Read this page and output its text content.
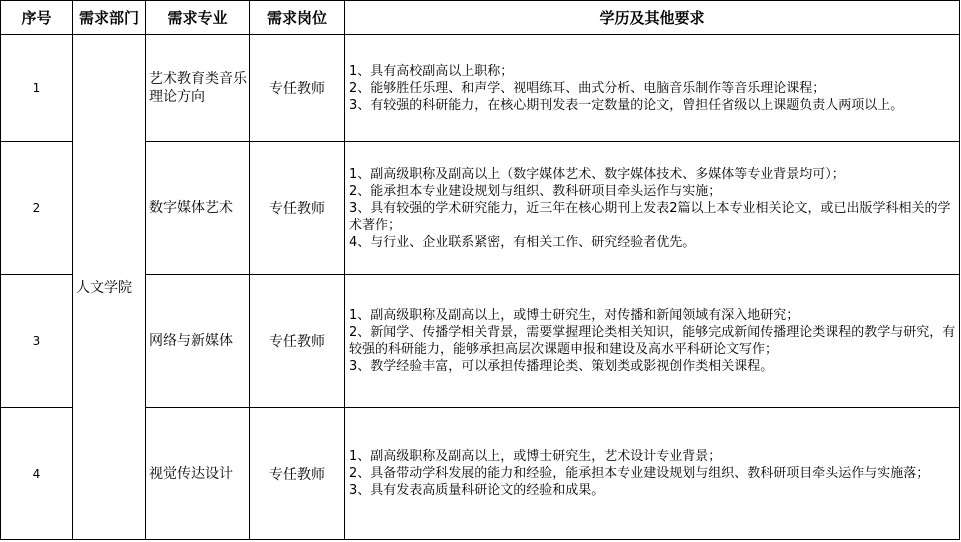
序号	需求部门	需求专业	需求岗位	学历及其他要求
1	人文学院	艺术教育类音乐理论方向	专任教师	1、具有高校副高以上职称；
2、能够胜任乐理、和声学、视唱练耳、曲式分析、电脑音乐制作等音乐理论课程；
3、有较强的科研能力，在核心期刊发表一定数量的论文，曾担任省级以上课题负责人两项以上。

2		数字媒体艺术	专任教师	1、副高级职称及副高以上（数字媒体艺术、数字媒体技术、多媒体等专业背景均可）；
2、能承担本专业建设规划与组织、教科研项目牵头运作与实施；
3、具有较强的学术研究能力，近三年在核心期刊上发表2篇以上本专业相关论文，或已出版学科相关的学术著作；
4、与行业、企业联系紧密，有相关工作、研究经验者优先。

3		网络与新媒体	专任教师	1、副高级职称及副高以上，或博士研究生，对传播和新闻领域有深入地研究；
2、新闻学、传播学相关背景，需要掌握理论类相关知识，能够完成新闻传播理论类课程的教学与研究，有较强的科研能力，能够承担高层次课题申报和建设及高水平科研论文写作；
3、教学经验丰富，可以承担传播理论类、策划类或影视创作类相关课程。

4		视觉传达设计	专任教师	1、副高级职称及副高以上，或博士研究生，艺术设计专业背景；
2、具备带动学科发展的能力和经验，能承担本专业建设规划与组织、教科研项目牵头运作与实施落；
3、具有发表高质量科研论文的经验和成果。
